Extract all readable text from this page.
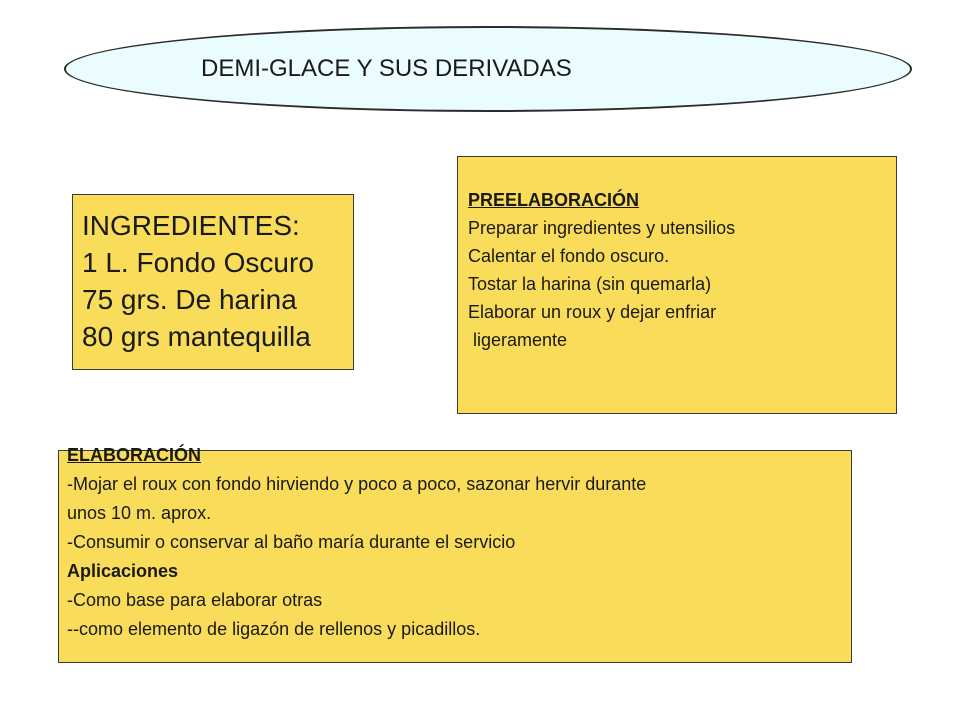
DEMI-GLACE Y SUS DERIVADAS
INGREDIENTES:
1 L. Fondo Oscuro
75 grs. De harina
80 grs mantequilla
PREELABORACIÓN
Preparar ingredientes y utensilios
Calentar el fondo oscuro.
Tostar la harina (sin quemarla)
Elaborar un roux y dejar enfriar
ligeramente
ELABORACIÓN
-Mojar el roux con fondo hirviendo y poco a poco, sazonar hervir durante
unos 10 m. aprox.
-Consumir o conservar al baño maría durante el servicio
Aplicaciones
-Como base para elaborar otras
--como elemento de ligazón de rellenos y picadillos.
